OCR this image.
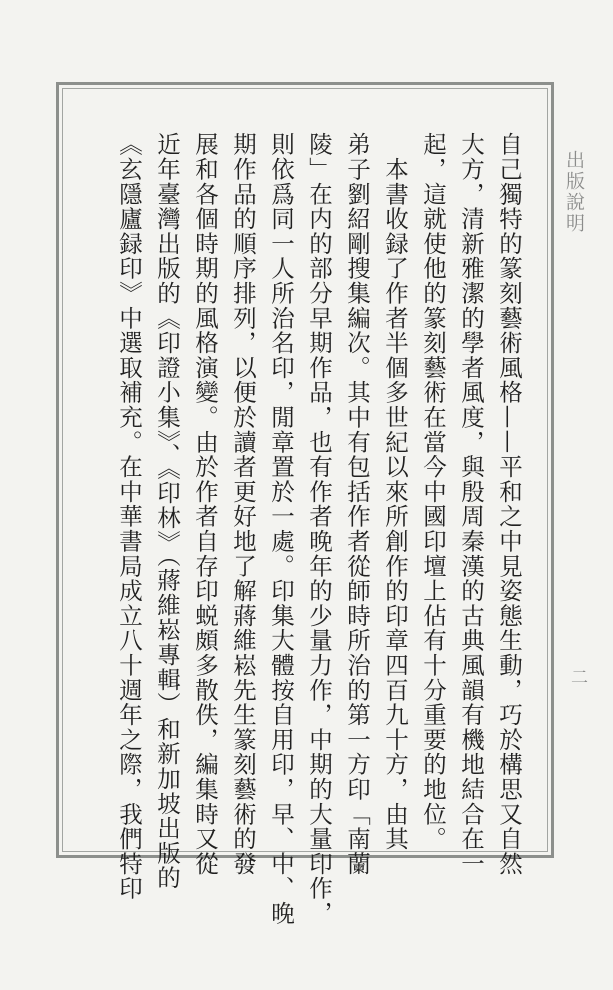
自己獨特的篆刻藝術風格——平和之中見姿態生動，巧於構思又自然
大方，清新雅潔的學者風度，與殷周秦漢的古典風韻有機地結合在一
起，這就使他的篆刻藝術在當今中國印壇上佔有十分重要的地位。
　本書收録了作者半個多世紀以來所創作的印章四百九十方，由其
弟子劉紹剛搜集編次。其中有包括作者從師時所治的第一方印「南蘭
陵」在内的部分早期作品，也有作者晚年的少量力作，中期的大量印作，
則依爲同一人所治名印，閒章置於一處。印集大體按自用印，早、中、晚
期作品的順序排列，以便於讀者更好地了解蔣維崧先生篆刻藝術的發
展和各個時期的風格演變。由於作者自存印蜕頗多散佚，編集時又從
近年臺灣出版的《印證小集》、《印林》（蔣維崧專輯）和新加坡出版的
《玄隱廬録印》中選取補充。在中華書局成立八十週年之際，我們特印	出版說明
二
